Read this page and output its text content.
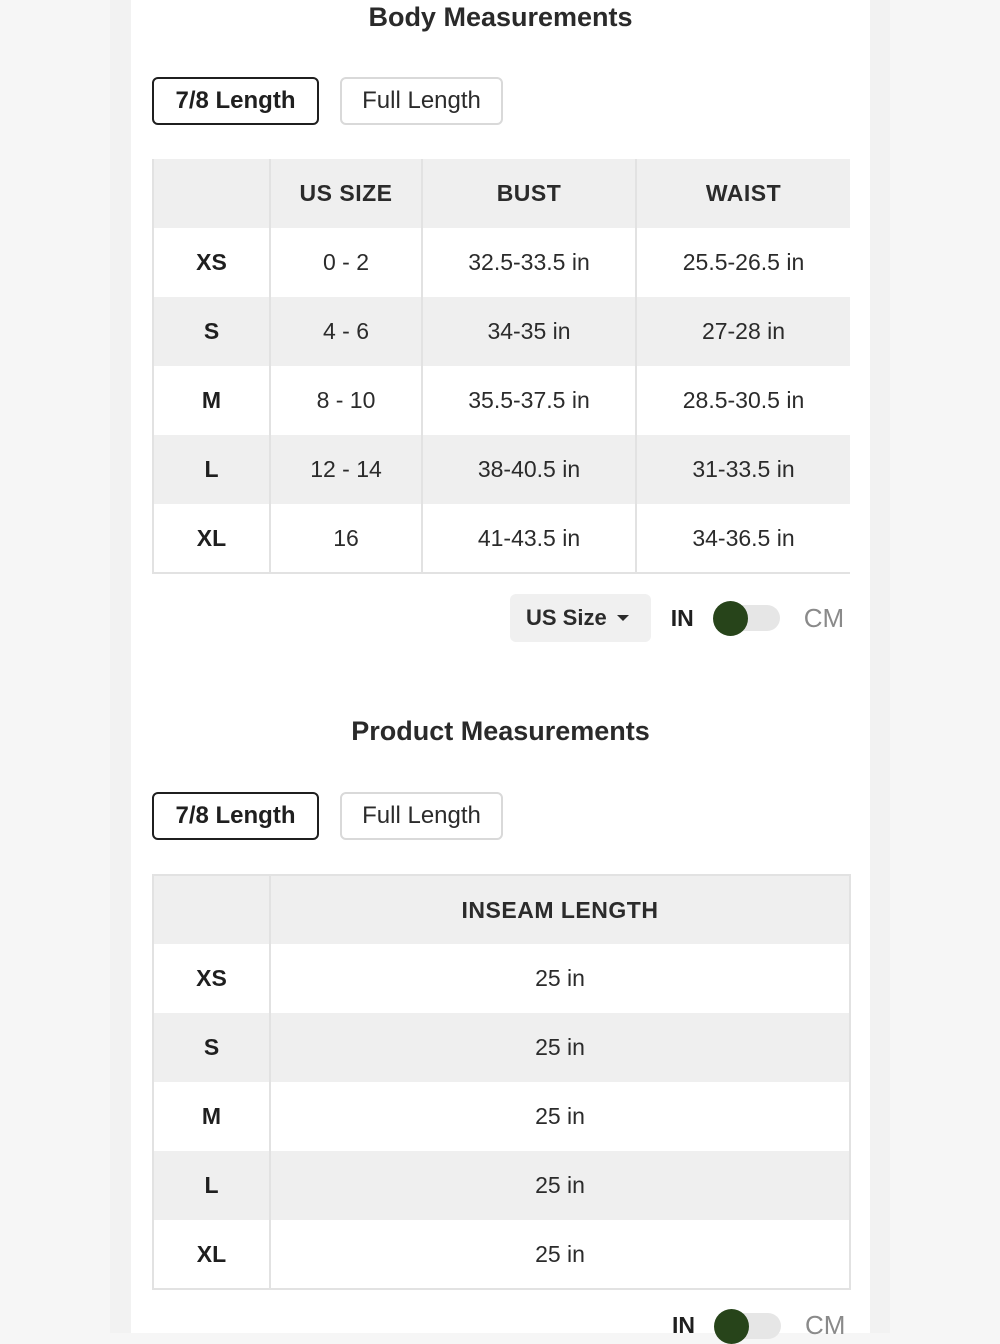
Body Measurements
7/8 Length	Full Length
	US SIZE	BUST	WAIST
XS	0 - 2	32.5-33.5 in	25.5-26.5 in
S	4 - 6	34-35 in	27-28 in
M	8 - 10	35.5-37.5 in	28.5-30.5 in
L	12 - 14	38-40.5 in	31-33.5 in
XL	16	41-43.5 in	34-36.5 in
US Size	IN	CM
Product Measurements
7/8 Length	Full Length
	INSEAM LENGTH
XS	25 in
S	25 in
M	25 in
L	25 in
XL	25 in
IN	CM
